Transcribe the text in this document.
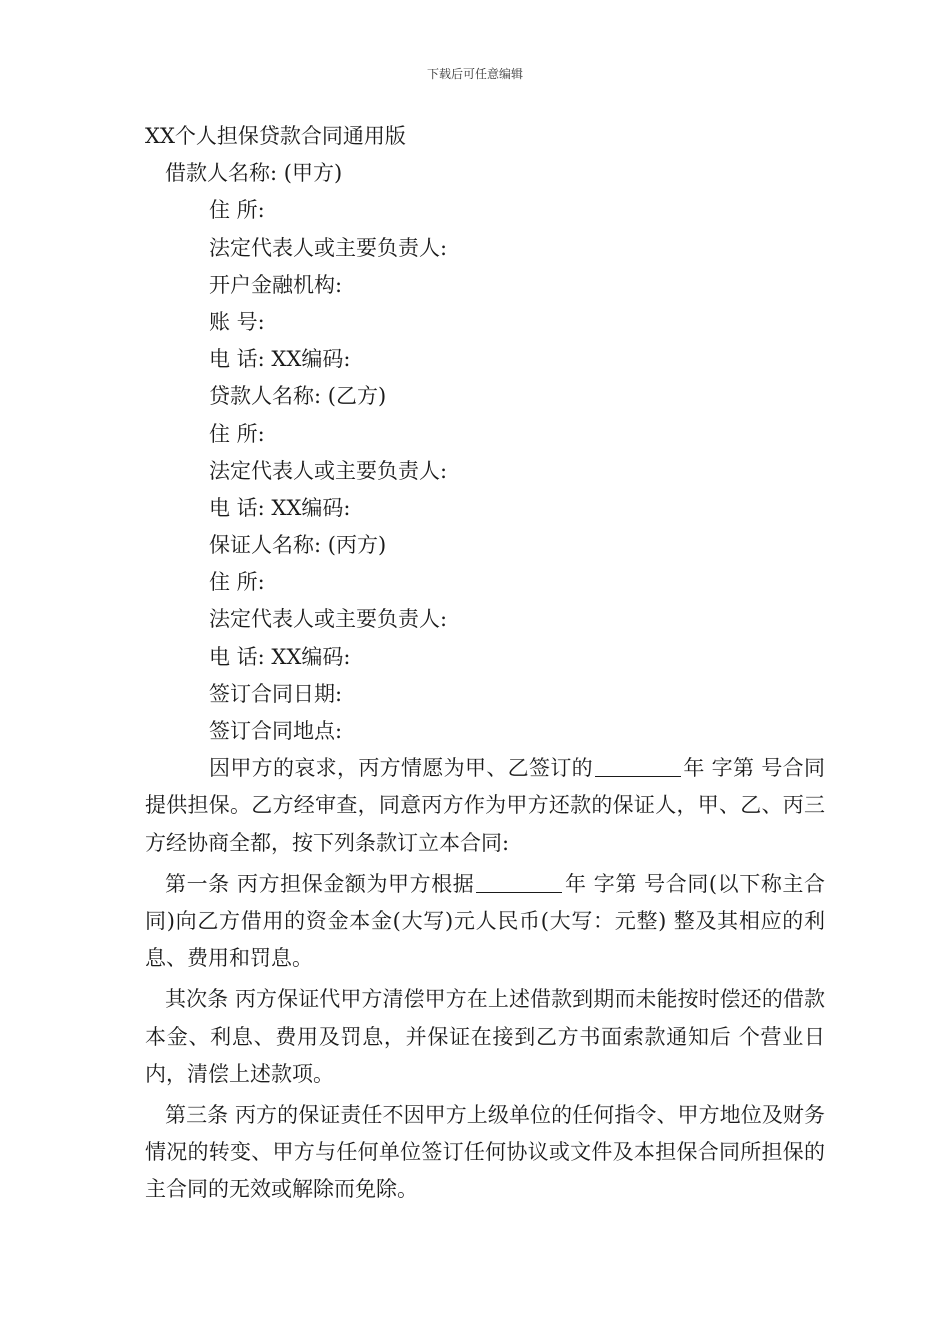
下载后可任意编辑
XX个人担保贷款合同通用版
借款人名称: (甲方)
住 所:
法定代表人或主要负责人:
开户金融机构:
账 号:
电 话: XX编码:
贷款人名称: (乙方)
住 所:
法定代表人或主要负责人:
电 话: XX编码:
保证人名称: (丙方)
住 所:
法定代表人或主要负责人:
电 话: XX编码:
签订合同日期:
签订合同地点:
因甲方的哀求，丙方情愿为甲、乙签订的	年 字第 号合同提供担保。乙方经审查，同意丙方作为甲方还款的保证人，甲、乙、丙三方经协商全都，按下列条款订立本合同:
第一条 丙方担保金额为甲方根据	年 字第 号合同(以下称主合同)向乙方借用的资金本金(大写)元人民币(大写：元整) 整及其相应的利息、费用和罚息。
其次条 丙方保证代甲方清偿甲方在上述借款到期而未能按时偿还的借款本金、利息、费用及罚息，并保证在接到乙方书面索款通知后 个营业日内，清偿上述款项。
第三条 丙方的保证责任不因甲方上级单位的任何指令、甲方地位及财务情况的转变、甲方与任何单位签订任何协议或文件及本担保合同所担保的主合同的无效或解除而免除。
